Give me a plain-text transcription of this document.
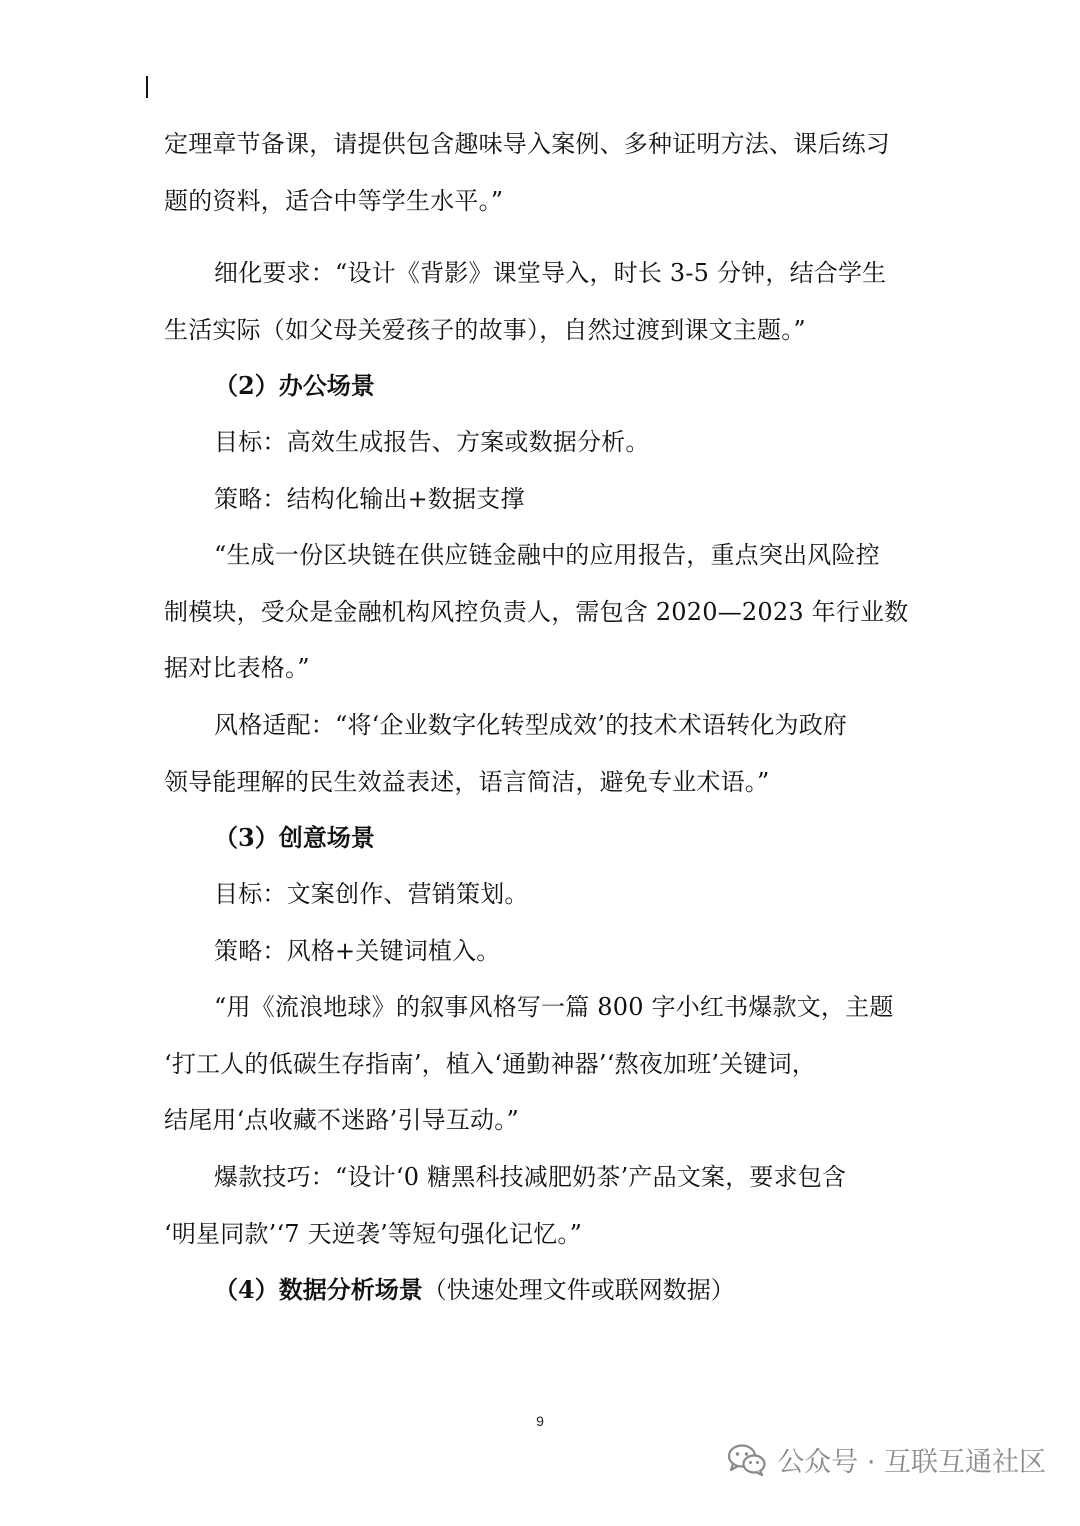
定理章节备课，请提供包含趣味导入案例、多种证明方法、课后练习
题的资料，适合中等学生水平。”
细化要求：“设计《背影》课堂导入，时长 3-5 分钟，结合学生
生活实际（如父母关爱孩子的故事），自然过渡到课文主题。”
（2）办公场景
目标：高效生成报告、方案或数据分析。
策略：结构化输出+数据支撑
“生成一份区块链在供应链金融中的应用报告，重点突出风险控
制模块，受众是金融机构风控负责人，需包含 2020—2023 年行业数
据对比表格。”
风格适配：“将‘企业数字化转型成效’的技术术语转化为政府
领导能理解的民生效益表述，语言简洁，避免专业术语。”
（3）创意场景
目标：文案创作、营销策划。
策略：风格+关键词植入。
“用《流浪地球》的叙事风格写一篇 800 字小红书爆款文，主题
‘打工人的低碳生存指南’，植入‘通勤神器’‘熬夜加班’关键词，
结尾用‘点收藏不迷路’引导互动。”
爆款技巧：“设计‘0 糖黑科技减肥奶茶’产品文案，要求包含
‘明星同款’‘7 天逆袭’等短句强化记忆。”
（4）数据分析场景（快速处理文件或联网数据）
9
公众号 · 互联互通社区
